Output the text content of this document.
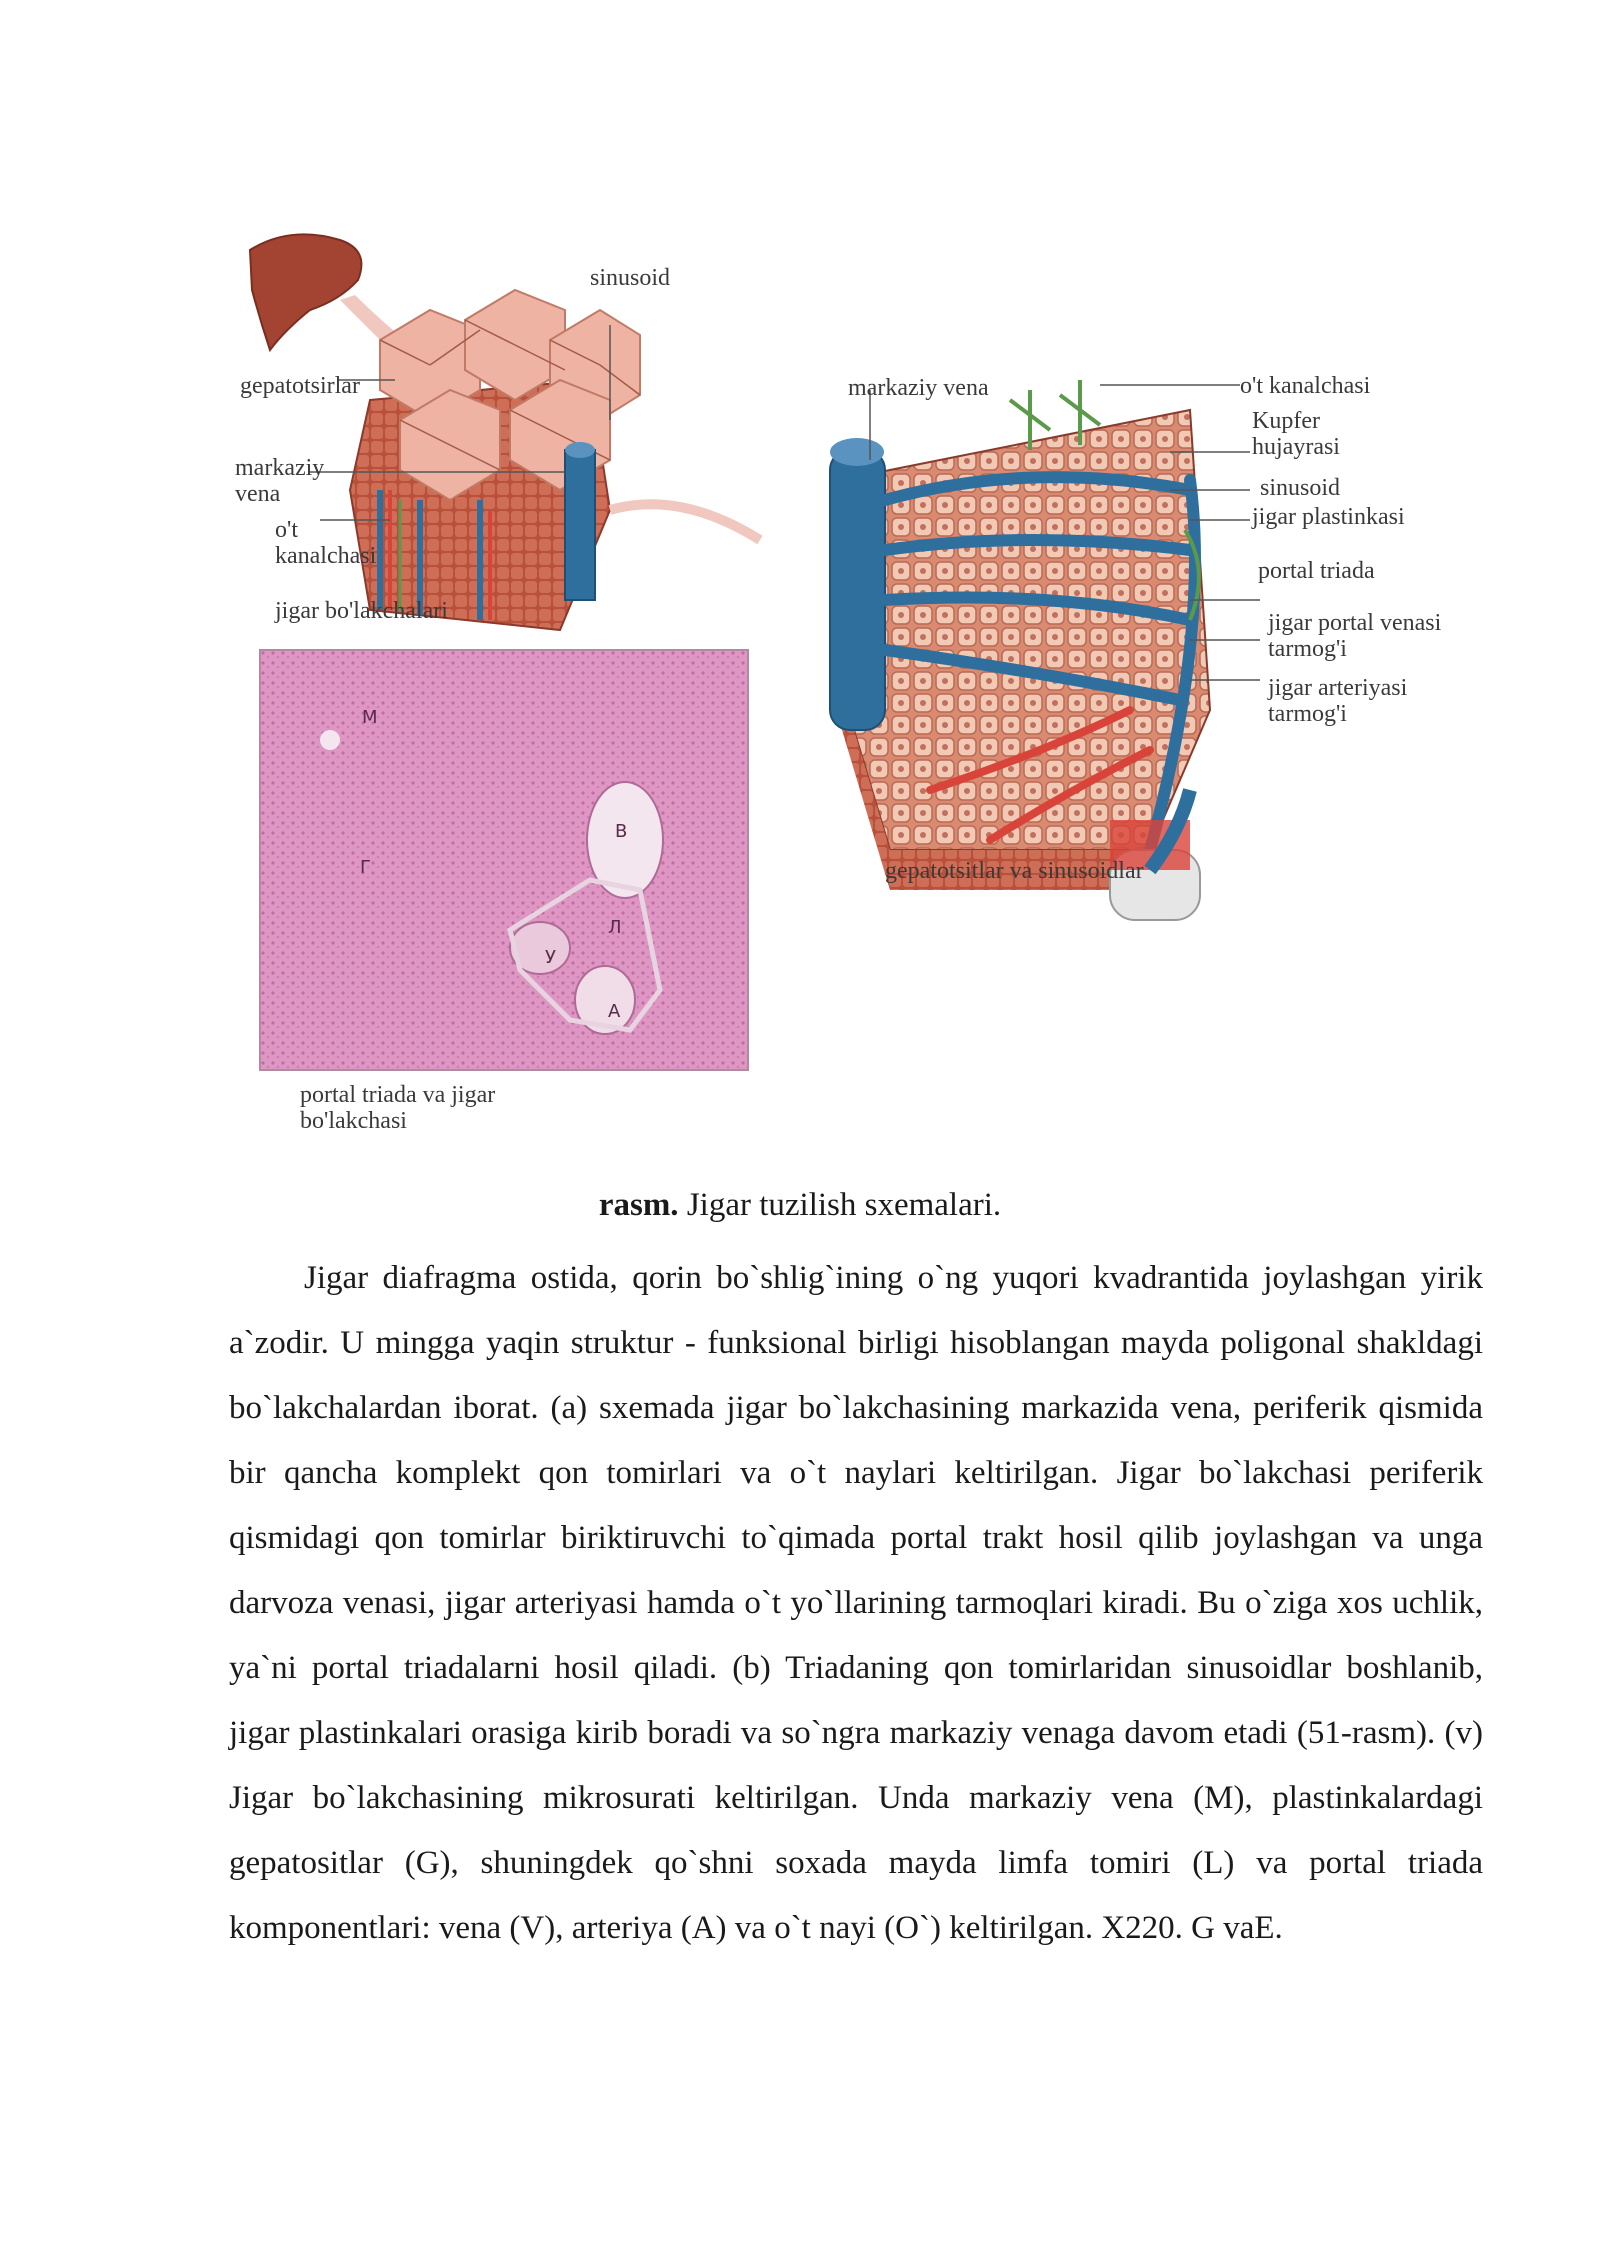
sinusoid
gepatotsirlar
markaziy vena
o't kanalchasi
jigar bo'lakchalari
M
Г
B
Л
У
A
markaziy vena	o't kanalchasi
Kupfer hujayrasi
sinusoid
jigar plastinkasi
portal triada
jigar portal venasi tarmog'i
jigar arteriyasi tarmog'i
gepatotsitlar va sinusoidlar
portal triada va jigar bo'lakchasi
rasm. Jigar tuzilish sxemalari.

Jigar diafragma ostida, qorin bo`shlig`ining o`ng yuqori kvadrantida joylashgan yirik a`zodir. U mingga yaqin struktur - funksional birligi hisoblangan mayda poligonal shakldagi bo`lakchalardan iborat. (a) sxemada jigar bo`lakchasining markazida vena, periferik qismida bir qancha komplekt qon tomirlari va o`t naylari keltirilgan. Jigar bo`lakchasi periferik qismidagi qon tomirlar biriktiruvchi to`qimada portal trakt hosil qilib joylashgan va unga darvoza venasi, jigar arteriyasi hamda o`t yo`llarining tarmoqlari kiradi. Bu o`ziga xos uchlik, ya`ni portal triadalarni hosil qiladi. (b) Triadaning qon tomirlaridan sinusoidlar boshlanib, jigar plastinkalari orasiga kirib boradi va so`ngra markaziy venaga davom etadi (51-rasm). (v) Jigar bo`lakchasining mikrosurati keltirilgan. Unda markaziy vena (M), plastinkalardagi gepatositlar (G), shuningdek qo`shni soxada mayda limfa tomiri (L) va portal triada komponentlari: vena (V), arteriya (A) va o`t nayi (O`) keltirilgan. X220. G vaE.
